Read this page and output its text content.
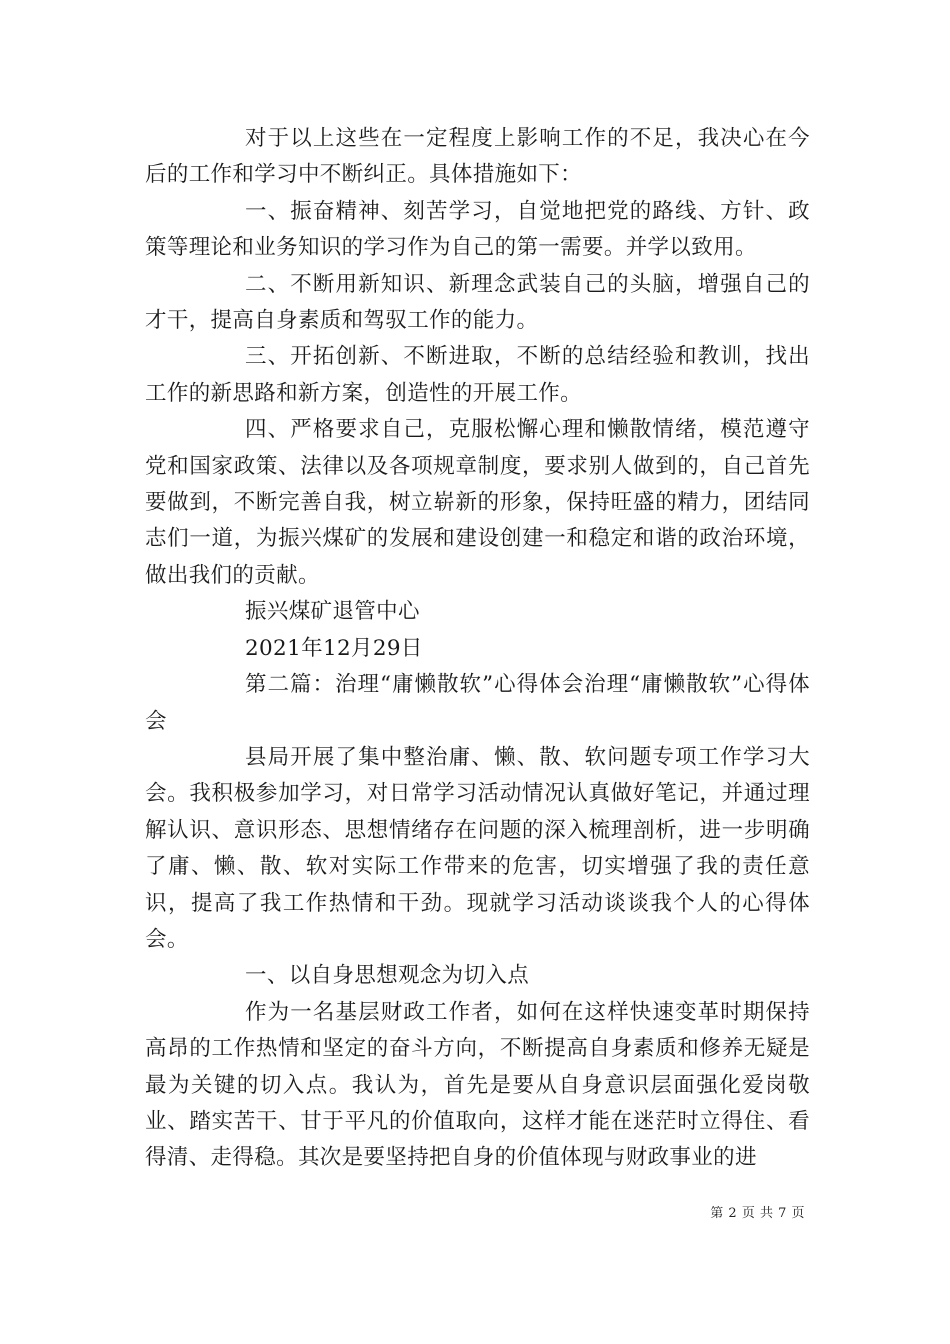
对于以上这些在一定程度上影响工作的不足，我决心在今后的工作和学习中不断纠正。具体措施如下：

一、振奋精神、刻苦学习，自觉地把党的路线、方针、政策等理论和业务知识的学习作为自己的第一需要。并学以致用。

二、不断用新知识、新理念武装自己的头脑，增强自己的才干，提高自身素质和驾驭工作的能力。

三、开拓创新、不断进取，不断的总结经验和教训，找出工作的新思路和新方案，创造性的开展工作。

四、严格要求自己，克服松懈心理和懒散情绪，模范遵守党和国家政策、法律以及各项规章制度，要求别人做到的，自己首先要做到，不断完善自我，树立崭新的形象，保持旺盛的精力，团结同志们一道，为振兴煤矿的发展和建设创建一和稳定和谐的政治环境，做出我们的贡献。

振兴煤矿退管中心

2021年12月29日

第二篇：治理“庸懒散软”心得体会治理“庸懒散软”心得体会

县局开展了集中整治庸、懒、散、软问题专项工作学习大会。我积极参加学习，对日常学习活动情况认真做好笔记，并通过理解认识、意识形态、思想情绪存在问题的深入梳理剖析，进一步明确了庸、懒、散、软对实际工作带来的危害，切实增强了我的责任意识，提高了我工作热情和干劲。现就学习活动谈谈我个人的心得体会。

一、以自身思想观念为切入点

作为一名基层财政工作者，如何在这样快速变革时期保持高昂的工作热情和坚定的奋斗方向，不断提高自身素质和修养无疑是最为关键的切入点。我认为，首先是要从自身意识层面强化爱岗敬业、踏实苦干、甘于平凡的价值取向，这样才能在迷茫时立得住、看得清、走得稳。其次是要坚持把自身的价值体现与财政事业的进

第 2 页 共 7 页
